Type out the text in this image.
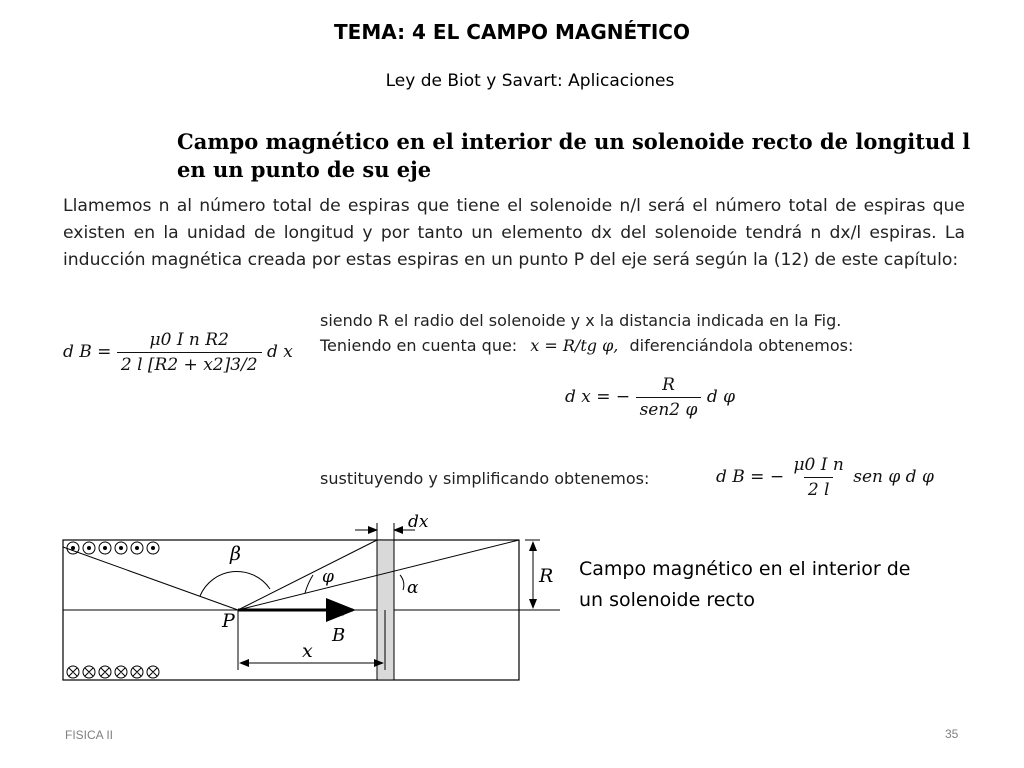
TEMA: 4 EL CAMPO MAGNÉTICO
Ley de Biot y Savart: Aplicaciones
Campo magnético en el interior de un solenoide recto de longitud l en un punto de su eje
Llamemos n al número total de espiras que tiene el solenoide n/l será el número total de espiras que existen en la unidad de longitud y por tanto un elemento dx del solenoide tendrá n dx/l espiras. La inducción magnética creada por estas espiras en un punto P del eje será según la (12) de este capítulo:
d $B = \frac{\text{μ0 I n R2}}{2 l [R2 + x2]3/2}$ d x
siendo R el radio del solenoide y x la distancia indicada en la Fig.
Teniendo en cuenta que: x = R/tg φ, diferenciándola obtenemos:
d x = − $\frac{R}{\text{sen2 φ}}$ d φ
sustituyendo y simplificando obtenemos:	d B = − $\frac{\text{μ0 I n}}{2 l}$ sen φ d φ
β
φ
α
dx
R
P
B
→
x
Campo magnético en el interior de un solenoide recto
FISICA II	35
